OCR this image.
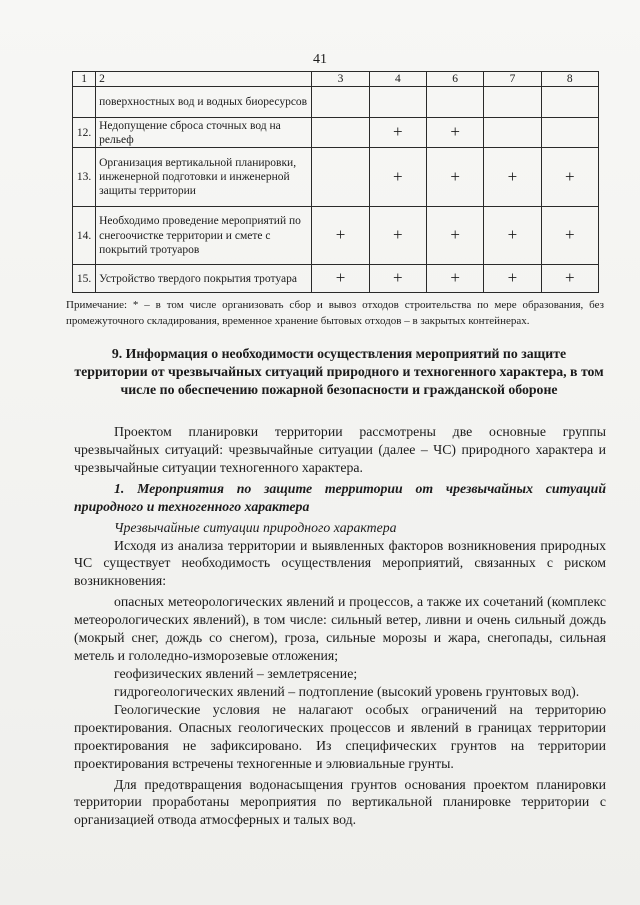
41
1	2	3	4	6	7	8
	поверхностных вод и водных биоресурсов					
12.	Недопущение сброса сточных вод на рельеф		+	+		
13.	Организация вертикальной планировки, инженерной подготовки и инженерной защиты территории		+	+	+	+
14.	Необходимо проведение мероприятий по снегоочистке территории и смете с покрытий тротуаров	+	+	+	+	+
15.	Устройство твердого покрытия тротуара	+	+	+	+	+
Примечание: * – в том числе организовать сбор и вывоз отходов строительства по мере образования, без промежуточного складирования, временное хранение бытовых отходов – в закрытых контейнерах.
9. Информация о необходимости осуществления мероприятий по защите территории от чрезвычайных ситуаций природного и техногенного характера, в том числе по обеспечению пожарной безопасности и гражданской обороне

Проектом планировки территории рассмотрены две основные группы чрезвычайных ситуаций: чрезвычайные ситуации (далее – ЧС) природного характера и чрезвычайные ситуации техногенного характера.

1. Мероприятия по защите территории от чрезвычайных ситуаций природного и техногенного характера

Чрезвычайные ситуации природного характера

Исходя из анализа территории и выявленных факторов возникновения природных ЧС существует необходимость осуществления мероприятий, связанных с риском возникновения:

опасных метеорологических явлений и процессов, а также их сочетаний (комплекс метеорологических явлений), в том числе: сильный ветер, ливни и очень сильный дождь (мокрый снег, дождь со снегом), гроза, сильные морозы и жара, снегопады, сильная метель и гололедно-изморозевые отложения;

геофизических явлений – землетрясение;

гидрогеологических явлений – подтопление (высокий уровень грунтовых вод).

Геологические условия не налагают особых ограничений на территорию проектирования. Опасных геологических процессов и явлений в границах территории проектирования не зафиксировано. Из специфических грунтов на территории проектирования встречены техногенные и элювиальные грунты.

Для предотвращения водонасыщения грунтов основания проектом планировки территории проработаны мероприятия по вертикальной планировке территории с организацией отвода атмосферных и талых вод.
